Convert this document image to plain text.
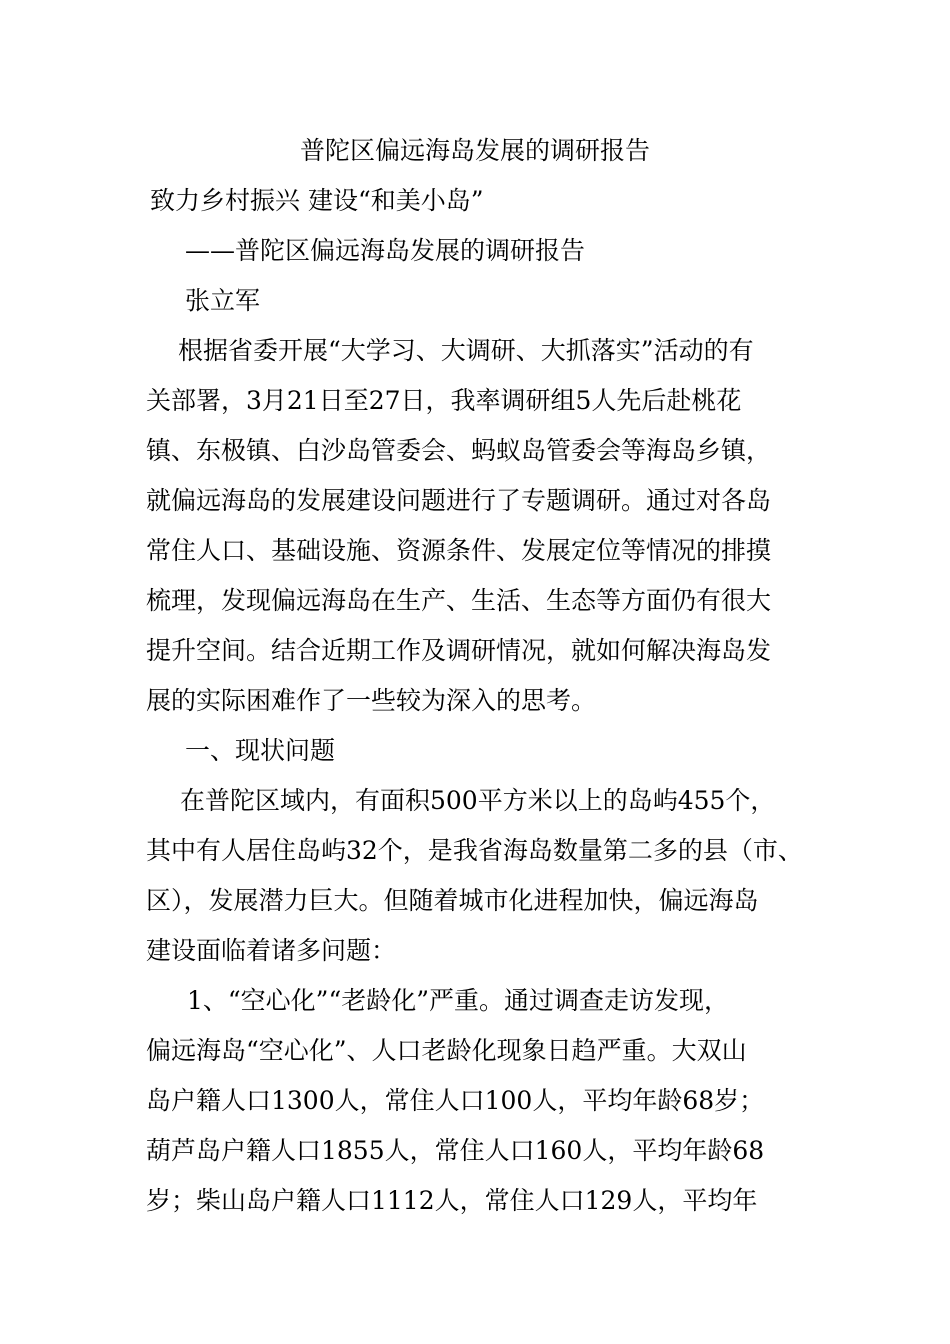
普陀区偏远海岛发展的调研报告

致力乡村振兴 建设“和美小岛”

——普陀区偏远海岛发展的调研报告

张立军

根据省委开展“大学习、大调研、大抓落实”活动的有

关部署，3月21日至27日，我率调研组5人先后赴桃花

镇、东极镇、白沙岛管委会、蚂蚁岛管委会等海岛乡镇，

就偏远海岛的发展建设问题进行了专题调研。通过对各岛

常住人口、基础设施、资源条件、发展定位等情况的排摸

梳理，发现偏远海岛在生产、生活、生态等方面仍有很大

提升空间。结合近期工作及调研情况，就如何解决海岛发

展的实际困难作了一些较为深入的思考。

一、现状问题

在普陀区域内，有面积500平方米以上的岛屿455个，

其中有人居住岛屿32个，是我省海岛数量第二多的县（市、

区），发展潜力巨大。但随着城市化进程加快，偏远海岛

建设面临着诸多问题：

1、“空心化”“老龄化”严重。通过调查走访发现，

偏远海岛“空心化”、人口老龄化现象日趋严重。大双山

岛户籍人口1300人，常住人口100人，平均年龄68岁；

葫芦岛户籍人口1855人，常住人口160人，平均年龄68

岁；柴山岛户籍人口1112人，常住人口129人，平均年
